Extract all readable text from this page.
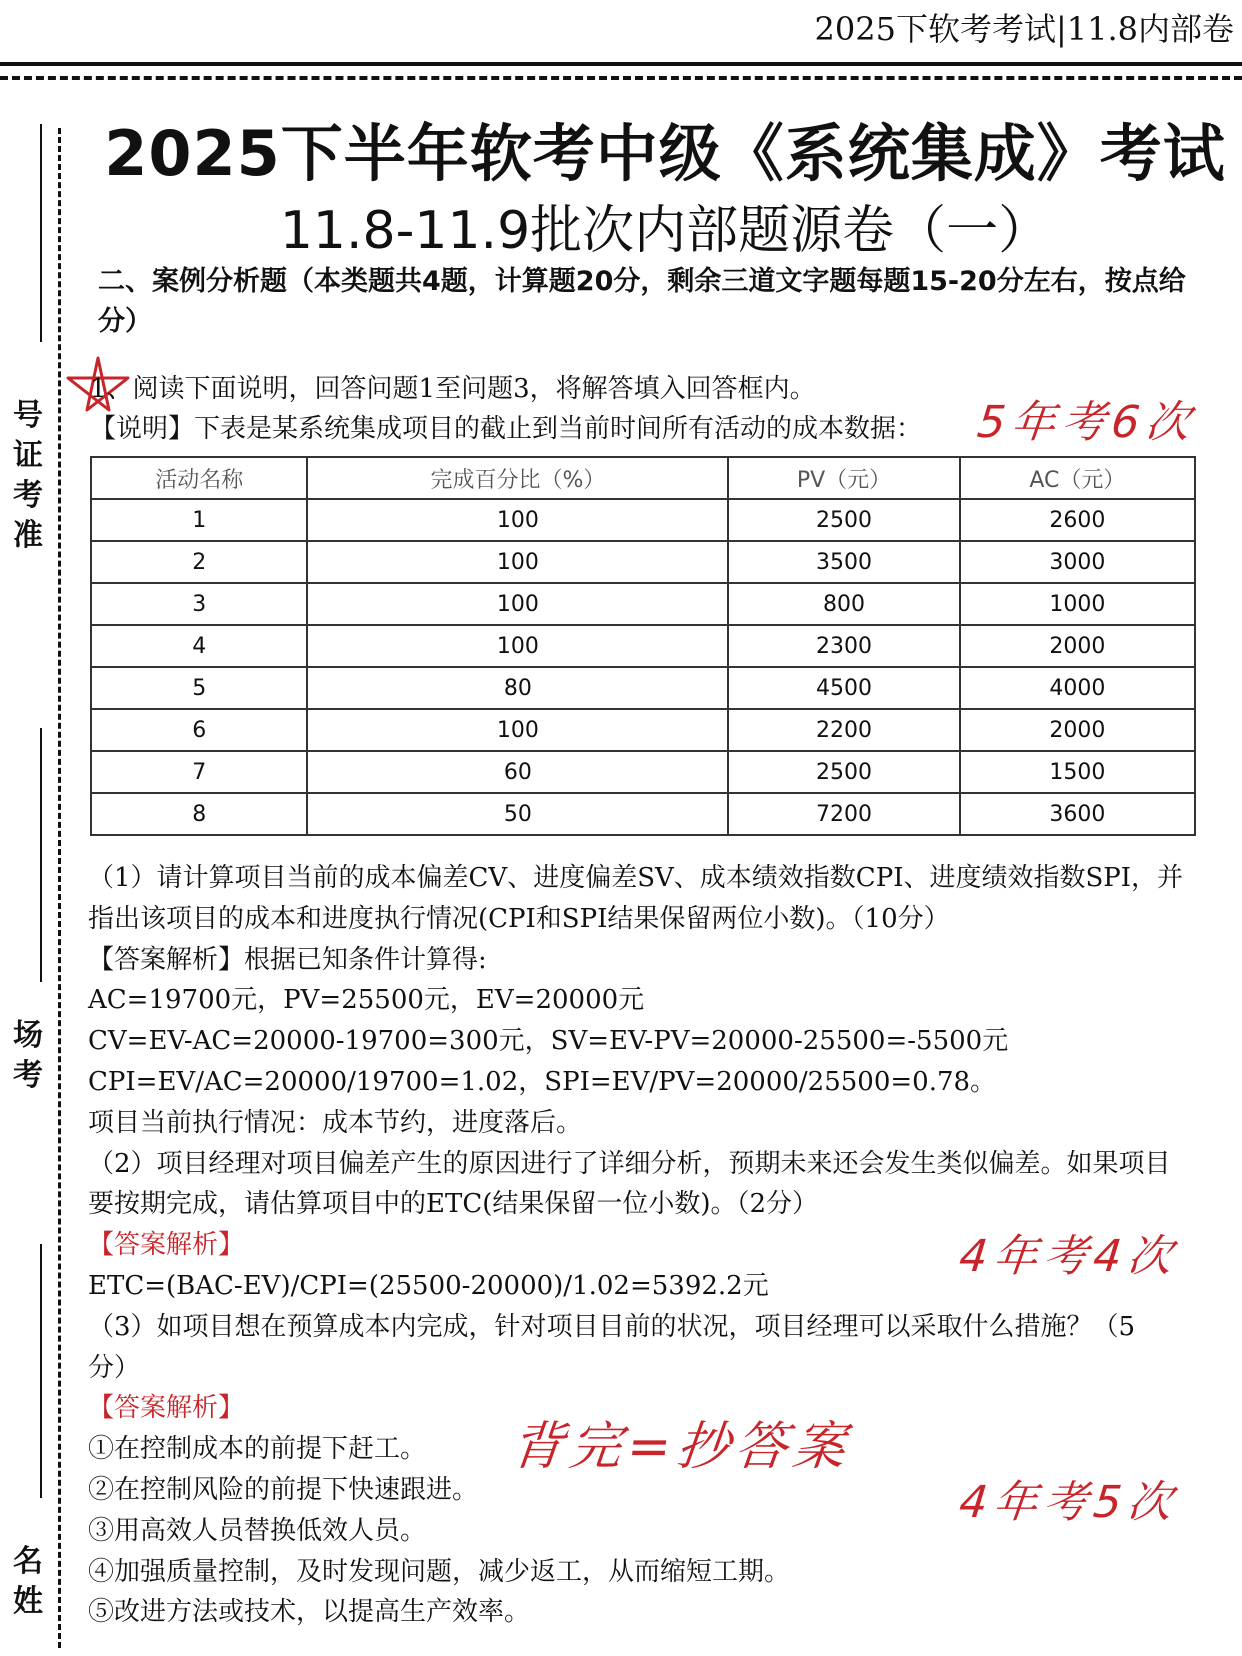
2025下软考考试|11.8内部卷
号
证
考
准
场
考
名
姓
2025下半年软考中级《系统集成》考试
11.8-11.9批次内部题源卷（一）
二、案例分析题（本类题共4题，计算题20分，剩余三道文字题每题15-20分左右，按点给分）
1、阅读下面说明，回答问题1至问题3，将解答填入回答框内。
【说明】下表是某系统集成项目的截止到当前时间所有活动的成本数据：
活动名称	完成百分比（%）	PV（元）	AC（元）
1	100	2500	2600
2	100	3500	3000
3	100	800	1000
4	100	2300	2000
5	80	4500	4000
6	100	2200	2000
7	60	2500	1500
8	50	7200	3600
（1）请计算项目当前的成本偏差CV、进度偏差SV、成本绩效指数CPI、进度绩效指数SPI，并
指出该项目的成本和进度执行情况(CPI和SPI结果保留两位小数)。（10分）
【答案解析】根据已知条件计算得:
AC=19700元，PV=25500元，EV=20000元
CV=EV-AC=20000-19700=300元，SV=EV-PV=20000-25500=-5500元
CPI=EV/AC=20000/19700=1.02，SPI=EV/PV=20000/25500=0.78。
项目当前执行情况：成本节约，进度落后。
（2）项目经理对项目偏差产生的原因进行了详细分析，预期未来还会发生类似偏差。如果项目
要按期完成，请估算项目中的ETC(结果保留一位小数)。（2分）
【答案解析】
ETC=(BAC-EV)/CPI=(25500-20000)/1.02=5392.2元
（3）如项目想在预算成本内完成，针对项目目前的状况，项目经理可以采取什么措施？（5
分）
【答案解析】
①在控制成本的前提下赶工。
②在控制风险的前提下快速跟进。
③用高效人员替换低效人员。
④加强质量控制，及时发现问题，减少返工，从而缩短工期。
⑤改进方法或技术，以提高生产效率。
5年考6次
4年考4次
背完=抄答案
4年考5次
